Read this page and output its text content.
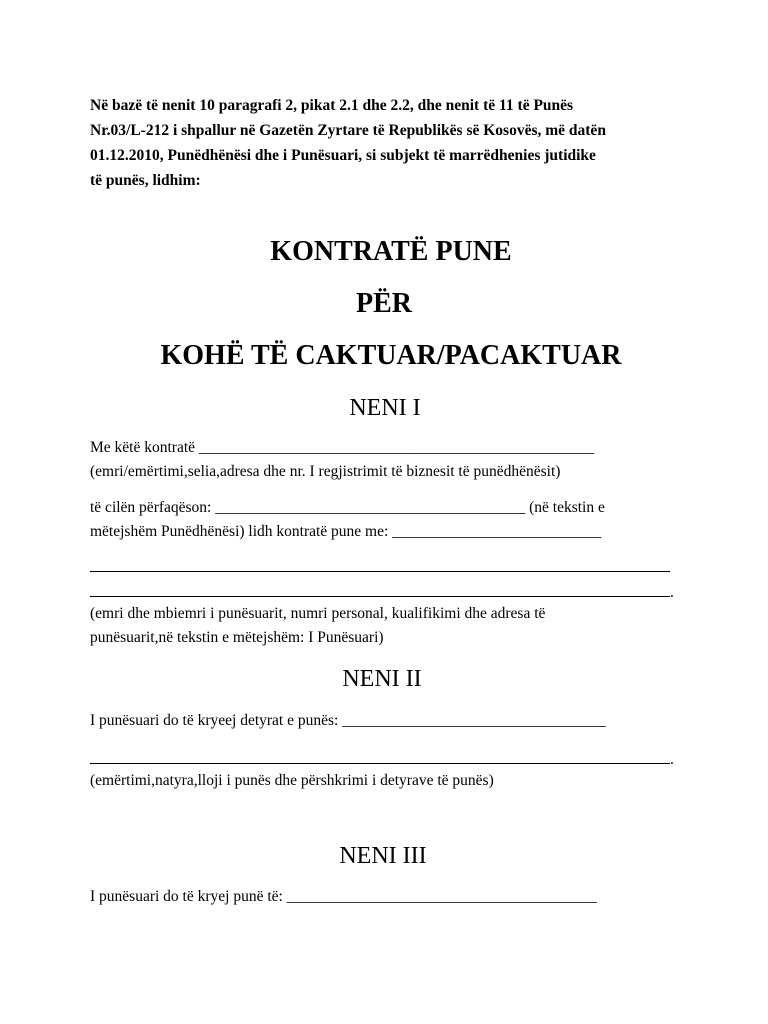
Në bazë të nenit 10 paragrafi 2, pikat 2.1 dhe 2.2, dhe nenit të 11 të Punës
Nr.03/L-212 i shpallur në Gazetën Zyrtare të Republikës së Kosovës, më datën
01.12.2010, Punëdhënësi dhe i Punësuari, si subjekt të marrëdhenies jutidike
të punës, lidhim:
KONTRATË PUNE
PËR
KOHË TË CAKTUAR/PACAKTUAR
NENI I

Me këtë kontratë ___________________________________________________

(emri/emërtimi,selia,adresa dhe nr. I regjistrimit të biznesit të punëdhënësit)

të cilën përfaqëson: ________________________________________ (në tekstin e

mëtejshëm Punëdhënësi) lidh kontratë pune me: ___________________________

.

(emri dhe mbiemri i punësuarit, numri personal, kualifikimi dhe adresa të

punësuarit,në tekstin e mëtejshëm: I Punësuari)

NENI II

I punësuari do të kryeej detyrat e punës: __________________________________

.

(emërtimi,natyra,lloji i punës dhe përshkrimi i detyrave të punës)

NENI III

I punësuari do të kryej punë të: ________________________________________
